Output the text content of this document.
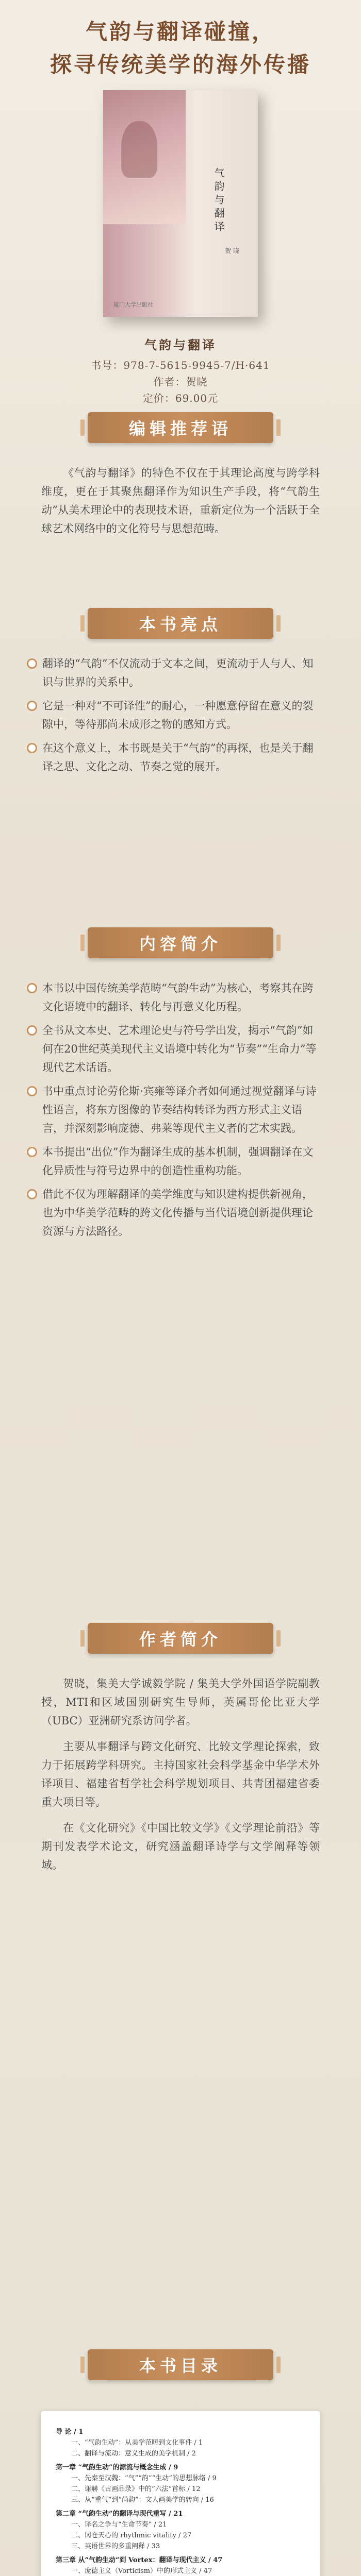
气韵与翻译碰撞，
探寻传统美学的海外传播
气韵与翻译
贺 晓
厦门大学出版社
气韵与翻译
书号：978-7-5615-9945-7/H·641
作者：贺晓
定价：69.00元
编辑推荐语

《气韵与翻译》的特色不仅在于其理论高度与跨学科维度，更在于其聚焦翻译作为知识生产手段，将“气韵生动”从美术理论中的表现技术语，重新定位为一个活跃于全球艺术网络中的文化符号与思想范畴。

本书亮点
翻译的“气韵”不仅流动于文本之间，更流动于人与人、知识与世界的关系中。
它是一种对“不可译性”的耐心，一种愿意停留在意义的裂隙中，等待那尚未成形之物的感知方式。
在这个意义上，本书既是关于“气韵”的再探，也是关于翻译之思、文化之动、节奏之觉的展开。
内容简介
本书以中国传统美学范畴“气韵生动”为核心，考察其在跨文化语境中的翻译、转化与再意义化历程。
全书从文本史、艺术理论史与符号学出发，揭示“气韵”如何在20世纪英美现代主义语境中转化为“节奏”“生命力”等现代艺术话语。
书中重点讨论劳伦斯·宾雍等译介者如何通过视觉翻译与诗性语言，将东方图像的节奏结构转译为西方形式主义语言，并深刻影响庞德、弗莱等现代主义者的艺术实践。
本书提出“出位”作为翻译生成的基本机制，强调翻译在文化异质性与符号边界中的创造性重构功能。
借此不仅为理解翻译的美学维度与知识建构提供新视角，也为中华美学范畴的跨文化传播与当代语境创新提供理论资源与方法路径。
作者简介

贺晓，集美大学诚毅学院 / 集美大学外国语学院副教授，MTI和区域国别研究生导师，英属哥伦比亚大学（UBC）亚洲研究系访问学者。

主要从事翻译与跨文化研究、比较文学理论探索，致力于拓展跨学科研究。主持国家社会科学基金中华学术外译项目、福建省哲学社会科学规划项目、共青团福建省委重大项目等。

在《文化研究》《中国比较文学》《文学理论前沿》等期刊发表学术论文，研究涵盖翻译诗学与文学阐释等领域。

本书目录
导 论 / 1
一、“气韵生动”：从美学范畴到文化事件 / 1
二、翻译与流动：意义生成的美学机制 / 2
第一章 “气韵生动”的源流与概念生成 / 9
一、先秦至汉魏：“气”“韵”“生动”的思想脉络 / 9
二、谢赫《古画品录》中的“六法”首标 / 12
三、从“重气”到“尚韵”：文人画美学的转向 / 16
第二章 “气韵生动”的翻译与现代重写 / 21
一、译名之争与“生命节奏” / 21
二、冈仓天心的 rhythmic vitality / 27
三、英语世界的多重阐释 / 33
第三章 从“气韵生动”到 Vortex：翻译与现代主义 / 47
一、庞德主义（Vorticism）中的形式主义 / 47
